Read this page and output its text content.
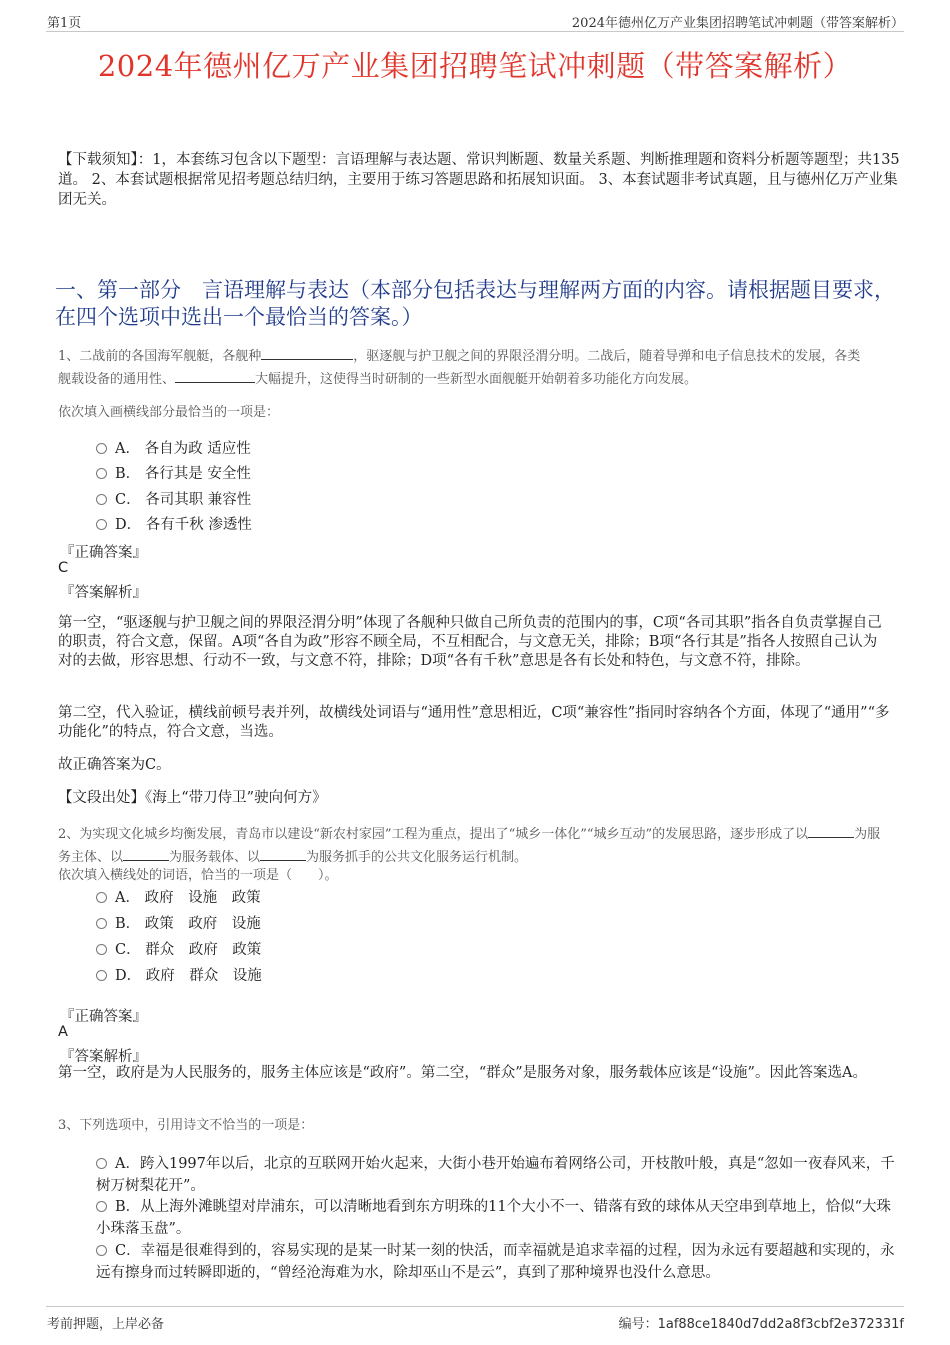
第1页	2024年德州亿万产业集团招聘笔试冲刺题（带答案解析）
2024年德州亿万产业集团招聘笔试冲刺题（带答案解析）
【下载须知】：1，本套练习包含以下题型：言语理解与表达题、常识判断题、数量关系题、判断推理题和资料分析题等题型；共135道。 2、本套试题根据常见招考题总结归纳，主要用于练习答题思路和拓展知识面。 3、本套试题非考试真题，且与德州亿万产业集团无关。
一、第一部分　言语理解与表达（本部分包括表达与理解两方面的内容。请根据题目要求，在四个选项中选出一个最恰当的答案。）
1、二战前的各国海军舰艇，各舰种	，驱逐舰与护卫舰之间的界限泾渭分明。二战后，随着导弹和电子信息技术的发展，各类
舰载设备的通用性、	大幅提升，这使得当时研制的一些新型水面舰艇开始朝着多功能化方向发展。
依次填入画横线部分最恰当的一项是：
A． 各自为政 适应性
B． 各行其是 安全性
C． 各司其职 兼容性
D． 各有千秋 渗透性
『正确答案』
C
『答案解析』
第一空，“驱逐舰与护卫舰之间的界限泾渭分明”体现了各舰种只做自己所负责的范围内的事，C项“各司其职”指各自负责掌握自己的职责，符合文意，保留。A项“各自为政”形容不顾全局，不互相配合，与文意无关，排除；B项“各行其是”指各人按照自己认为对的去做，形容思想、行动不一致，与文意不符，排除；D项“各有千秋”意思是各有长处和特色，与文意不符，排除。
第二空，代入验证，横线前顿号表并列，故横线处词语与“通用性”意思相近，C项“兼容性”指同时容纳各个方面，体现了“通用”“多功能化”的特点，符合文意，当选。
故正确答案为C。
【文段出处】《海上“带刀侍卫”驶向何方》
2、为实现文化城乡均衡发展，青岛市以建设“新农村家园”工程为重点，提出了“城乡一体化”“城乡互动”的发展思路，逐步形成了以	为服
务主体、以	为服务载体、以	为服务抓手的公共文化服务运行机制。
依次填入横线处的词语，恰当的一项是（　　）。
A． 政府　设施　政策
B． 政策　政府　设施
C． 群众　政府　政策
D． 政府　群众　设施
『正确答案』
A
『答案解析』
第一空，政府是为人民服务的，服务主体应该是“政府”。第二空，“群众”是服务对象，服务载体应该是“设施”。因此答案选A。
3、下列选项中，引用诗文不恰当的一项是：
A．跨入1997年以后，北京的互联网开始火起来，大街小巷开始遍布着网络公司，开枝散叶般，真是“忽如一夜春风来，千树万树梨花开”。
B．从上海外滩眺望对岸浦东，可以清晰地看到东方明珠的11个大小不一、错落有致的球体从天空串到草地上，恰似“大珠小珠落玉盘”。
C．幸福是很难得到的，容易实现的是某一时某一刻的快活，而幸福就是追求幸福的过程，因为永远有要超越和实现的，永远有擦身而过转瞬即逝的，“曾经沧海难为水，除却巫山不是云”，真到了那种境界也没什么意思。
考前押题，上岸必备	编号：1af88ce1840d7dd2a8f3cbf2e372331f
